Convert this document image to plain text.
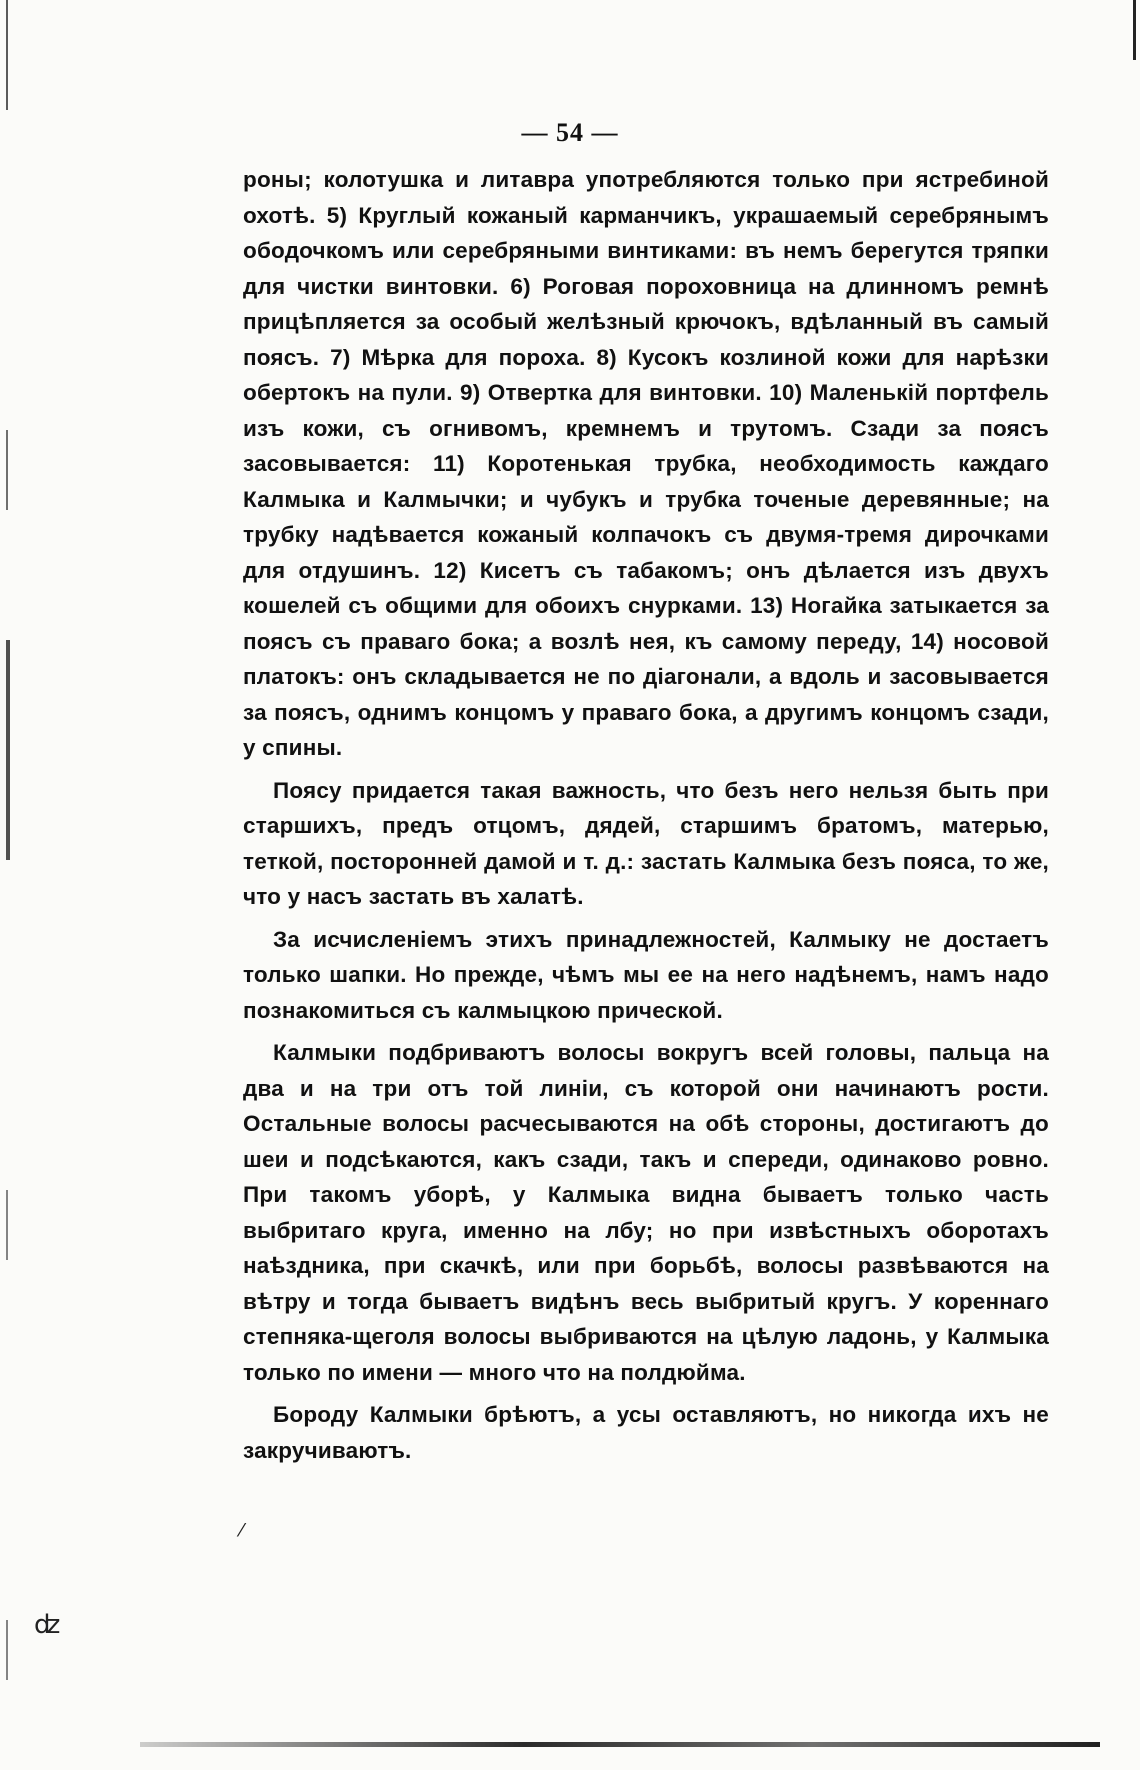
— 54 —

роны; колотушка и литавра употребляются только при ястребиной охотѣ. 5) Круглый кожаный карманчикъ, украшаемый серебрянымъ ободочкомъ или серебряными винтиками: въ немъ берегутся тряпки для чистки винтовки. 6) Роговая пороховница на длинномъ ремнѣ прицѣпляется за особый желѣзный крючокъ, вдѣланный въ самый поясъ. 7) Мѣрка для пороха. 8) Кусокъ козлиной кожи для нарѣзки обертокъ на пули. 9) Отвертка для винтовки. 10) Маленькій портфель изъ кожи, съ огнивомъ, кремнемъ и трутомъ. Сзади за поясъ засовывается: 11) Коротенькая трубка, необходимость каждаго Калмыка и Калмычки; и чубукъ и трубка точеные деревянные; на трубку надѣвается кожаный колпачокъ съ двумя-тремя дирочками для отдушинъ. 12) Кисетъ съ табакомъ; онъ дѣлается изъ двухъ кошелей съ общими для обоихъ снурками. 13) Ногайка затыкается за поясъ съ праваго бока; а возлѣ нея, къ самому переду, 14) носовой платокъ: онъ складывается не по діагонали, а вдоль и засовывается за поясъ, однимъ концомъ у праваго бока, а другимъ концомъ сзади, у спины.

Поясу придается такая важность, что безъ него нельзя быть при старшихъ, предъ отцомъ, дядей, старшимъ братомъ, матерью, теткой, посторонней дамой и т. д.: застать Калмыка безъ пояса, то же, что у насъ застать въ халатѣ.

За исчисленіемъ этихъ принадлежностей, Калмыку не достаетъ только шапки. Но прежде, чѣмъ мы ее на него надѣнемъ, намъ надо познакомиться съ калмыцкою прической.

Калмыки подбриваютъ волосы вокругъ всей головы, пальца на два и на три отъ той линіи, съ которой они начинаютъ рости. Остальные волосы расчесываются на обѣ стороны, достигаютъ до шеи и подсѣкаются, какъ сзади, такъ и спереди, одинаково ровно. При такомъ уборѣ, у Калмыка видна бываетъ только часть выбритаго круга, именно на лбу; но при извѣстныхъ оборотахъ наѣздника, при скачкѣ, или при борьбѣ, волосы развѣваются на вѣтру и тогда бываетъ видѣнъ весь выбритый кругъ. У кореннаго степняка-щеголя волосы выбриваются на цѣлую ладонь, у Калмыка только по имени — много что на полдюйма.

Бороду Калмыки брѣютъ, а усы оставляютъ, но никогда ихъ не закручиваютъ.

⁄
ʣ
